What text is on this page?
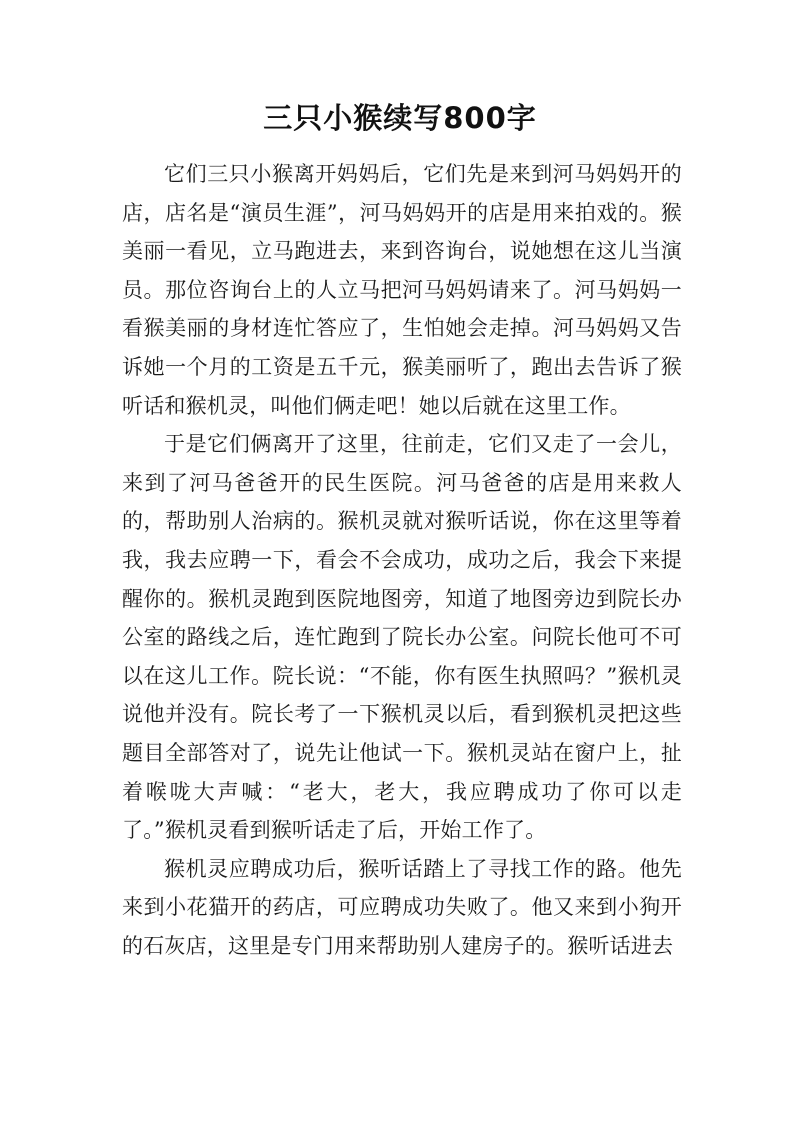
三只小猴续写800字

它们三只小猴离开妈妈后，它们先是来到河马妈妈开的店，店名是“演员生涯”，河马妈妈开的店是用来拍戏的。猴美丽一看见，立马跑进去，来到咨询台，说她想在这儿当演员。那位咨询台上的人立马把河马妈妈请来了。河马妈妈一看猴美丽的身材连忙答应了，生怕她会走掉。河马妈妈又告诉她一个月的工资是五千元，猴美丽听了，跑出去告诉了猴听话和猴机灵，叫他们俩走吧！她以后就在这里工作。

于是它们俩离开了这里，往前走，它们又走了一会儿，来到了河马爸爸开的民生医院。河马爸爸的店是用来救人的，帮助别人治病的。猴机灵就对猴听话说，你在这里等着我，我去应聘一下，看会不会成功，成功之后，我会下来提醒你的。猴机灵跑到医院地图旁，知道了地图旁边到院长办公室的路线之后，连忙跑到了院长办公室。问院长他可不可以在这儿工作。院长说：“不能，你有医生执照吗？”猴机灵说他并没有。院长考了一下猴机灵以后，看到猴机灵把这些题目全部答对了，说先让他试一下。猴机灵站在窗户上，扯着喉咙大声喊：“老大，老大，我应聘成功了你可以走了。”猴机灵看到猴听话走了后，开始工作了。

猴机灵应聘成功后，猴听话踏上了寻找工作的路。他先来到小花猫开的药店，可应聘成功失败了。他又来到小狗开的石灰店，这里是专门用来帮助别人建房子的。猴听话进去
